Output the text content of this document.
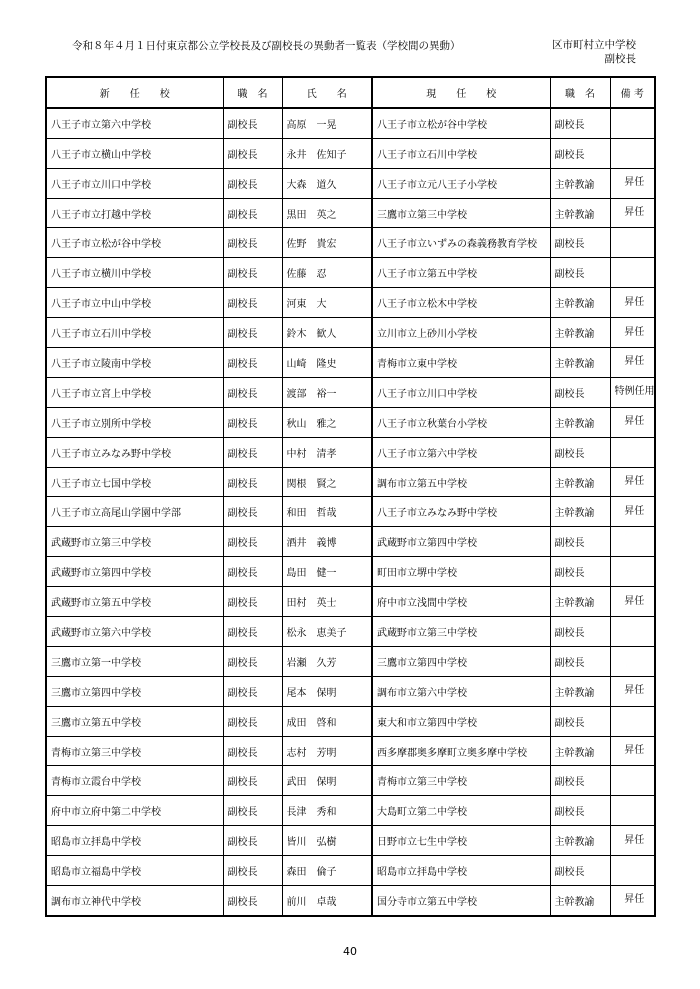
令和８年４月１日付東京都公立学校長及び副校長の異動者一覧表（学校間の異動）	区市町村立中学校
副校長
新　　任　　校	職　名	氏　　名	現　　任　　校	職　名	備 考
八王子市立第六中学校	副校長	高原　一晃	八王子市立松が谷中学校	副校長	
八王子市立横山中学校	副校長	永井　佐知子	八王子市立石川中学校	副校長	
八王子市立川口中学校	副校長	大森　道久	八王子市立元八王子小学校	主幹教諭	昇任
八王子市立打越中学校	副校長	黒田　英之	三鷹市立第三中学校	主幹教諭	昇任
八王子市立松が谷中学校	副校長	佐野　貴宏	八王子市立いずみの森義務教育学校	副校長	
八王子市立横川中学校	副校長	佐藤　忍	八王子市立第五中学校	副校長	
八王子市立中山中学校	副校長	河東　大	八王子市立松木中学校	主幹教諭	昇任
八王子市立石川中学校	副校長	鈴木　歓人	立川市立上砂川小学校	主幹教諭	昇任
八王子市立陵南中学校	副校長	山崎　隆史	青梅市立東中学校	主幹教諭	昇任
八王子市立宮上中学校	副校長	渡部　裕一	八王子市立川口中学校	副校長	特例任用
八王子市立別所中学校	副校長	秋山　雅之	八王子市立秋葉台小学校	主幹教諭	昇任
八王子市立みなみ野中学校	副校長	中村　清孝	八王子市立第六中学校	副校長	
八王子市立七国中学校	副校長	関根　賢之	調布市立第五中学校	主幹教諭	昇任
八王子市立高尾山学園中学部	副校長	和田　哲哉	八王子市立みなみ野中学校	主幹教諭	昇任
武蔵野市立第三中学校	副校長	酒井　義博	武蔵野市立第四中学校	副校長	
武蔵野市立第四中学校	副校長	島田　健一	町田市立堺中学校	副校長	
武蔵野市立第五中学校	副校長	田村　英士	府中市立浅間中学校	主幹教諭	昇任
武蔵野市立第六中学校	副校長	松永　恵美子	武蔵野市立第三中学校	副校長	
三鷹市立第一中学校	副校長	岩瀬　久芳	三鷹市立第四中学校	副校長	
三鷹市立第四中学校	副校長	尾本　保明	調布市立第六中学校	主幹教諭	昇任
三鷹市立第五中学校	副校長	成田　啓和	東大和市立第四中学校	副校長	
青梅市立第三中学校	副校長	志村　芳明	西多摩郡奥多摩町立奥多摩中学校	主幹教諭	昇任
青梅市立霞台中学校	副校長	武田　保明	青梅市立第三中学校	副校長	
府中市立府中第二中学校	副校長	長津　秀和	大島町立第二中学校	副校長	
昭島市立拝島中学校	副校長	皆川　弘樹	日野市立七生中学校	主幹教諭	昇任
昭島市立福島中学校	副校長	森田　倫子	昭島市立拝島中学校	副校長	
調布市立神代中学校	副校長	前川　卓哉	国分寺市立第五中学校	主幹教諭	昇任
40
